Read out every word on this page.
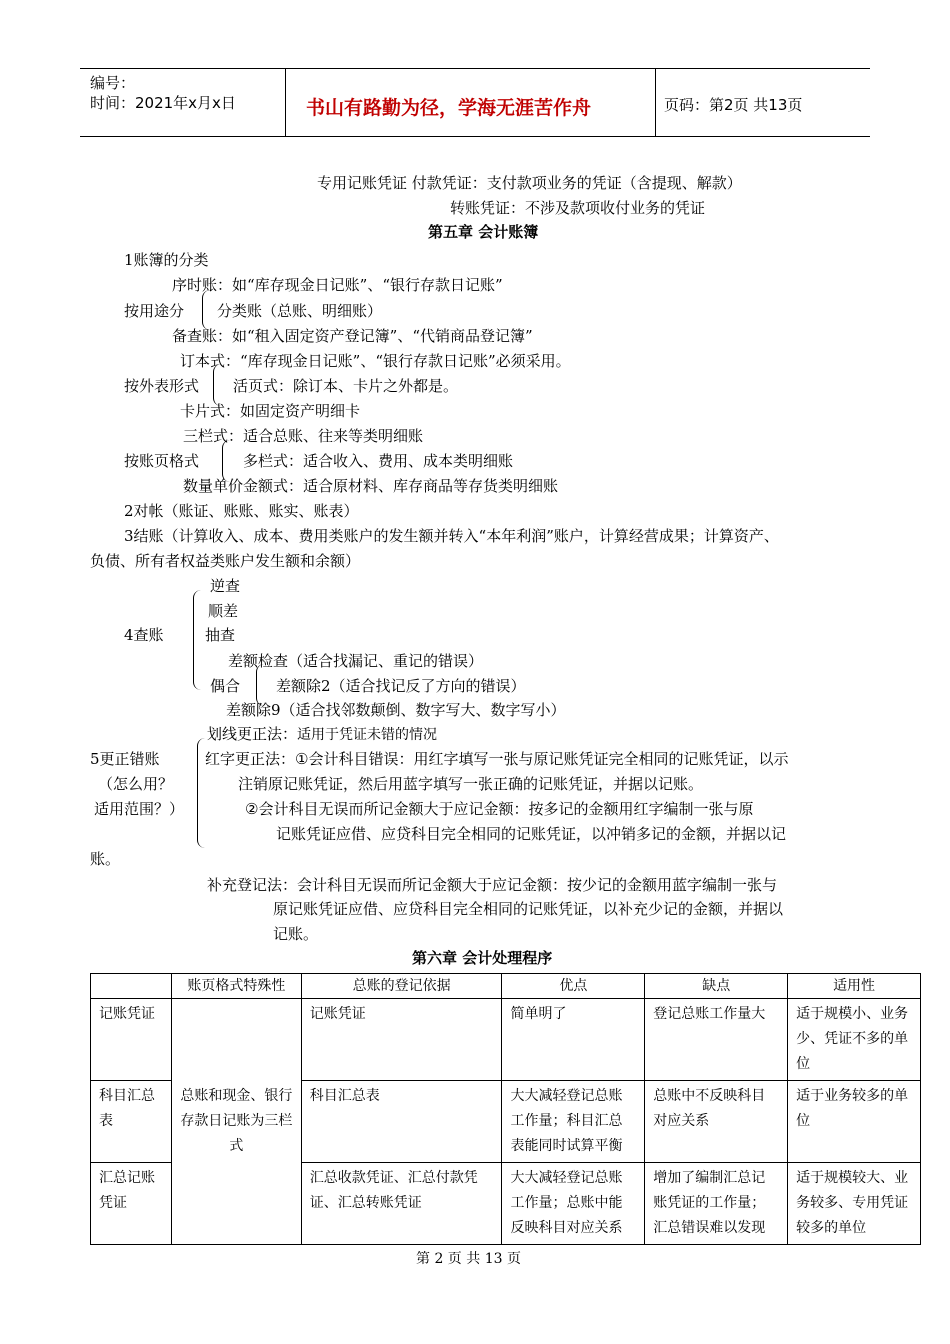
编号：
时间：2021年x月x日	书山有路勤为径，学海无涯苦作舟	页码：第2页 共13页
专用记账凭证 付款凭证：支付款项业务的凭证（含提现、解款）
转账凭证：不涉及款项收付业务的凭证
第五章 会计账簿
1账簿的分类
序时账：如“库存现金日记账”、“银行存款日记账”
按用途分 分类账（总账、明细账）
备查账：如“租入固定资产登记簿”、“代销商品登记簿”
订本式：“库存现金日记账”、“银行存款日记账”必须采用。
按外表形式 活页式：除订本、卡片之外都是。
卡片式：如固定资产明细卡
三栏式：适合总账、往来等类明细账
按账页格式	多栏式：适合收入、费用、成本类明细账
数量单价金额式：适合原材料、库存商品等存货类明细账
2对帐（账证、账账、账实、账表）
3结账（计算收入、成本、费用类账户的发生额并转入“本年利润”账户，计算经营成果；计算资产、
负债、所有者权益类账户发生额和余额）
逆查
顺差
4查账	抽查
差额检查（适合找漏记、重记的错误）
偶合 差额除2（适合找记反了方向的错误）
差额除9（适合找邻数颠倒、数字写大、数字写小）
划线更正法：适用于凭证未错的情况
5更正错账
（怎么用？
适用范围？）
红字更正法：①会计科目错误：用红字填写一张与原记账凭证完全相同的记账凭证，以示
注销原记账凭证，然后用蓝字填写一张正确的记账凭证，并据以记账。
②会计科目无误而所记金额大于应记金额：按多记的金额用红字编制一张与原
记账凭证应借、应贷科目完全相同的记账凭证，以冲销多记的金额，并据以记
账。
补充登记法：会计科目无误而所记金额大于应记金额：按少记的金额用蓝字编制一张与
原记账凭证应借、应贷科目完全相同的记账凭证，以补充少记的金额，并据以
记账。
第六章 会计处理程序
	账页格式特殊性	总账的登记依据	优点	缺点	适用性
记账凭证	总账和现金、银行存款日记账为三栏式	记账凭证	简单明了	登记总账工作量大	适于规模小、业务少、凭证不多的单位
科目汇总表		科目汇总表	大大减轻登记总账工作量；科目汇总表能同时试算平衡	总账中不反映科目对应关系	适于业务较多的单位
汇总记账凭证		汇总收款凭证、汇总付款凭证、汇总转账凭证	大大减轻登记总账工作量；总账中能反映科目对应关系	增加了编制汇总记账凭证的工作量；汇总错误难以发现	适于规模较大、业务较多、专用凭证较多的单位
第 2 页 共 13 页
